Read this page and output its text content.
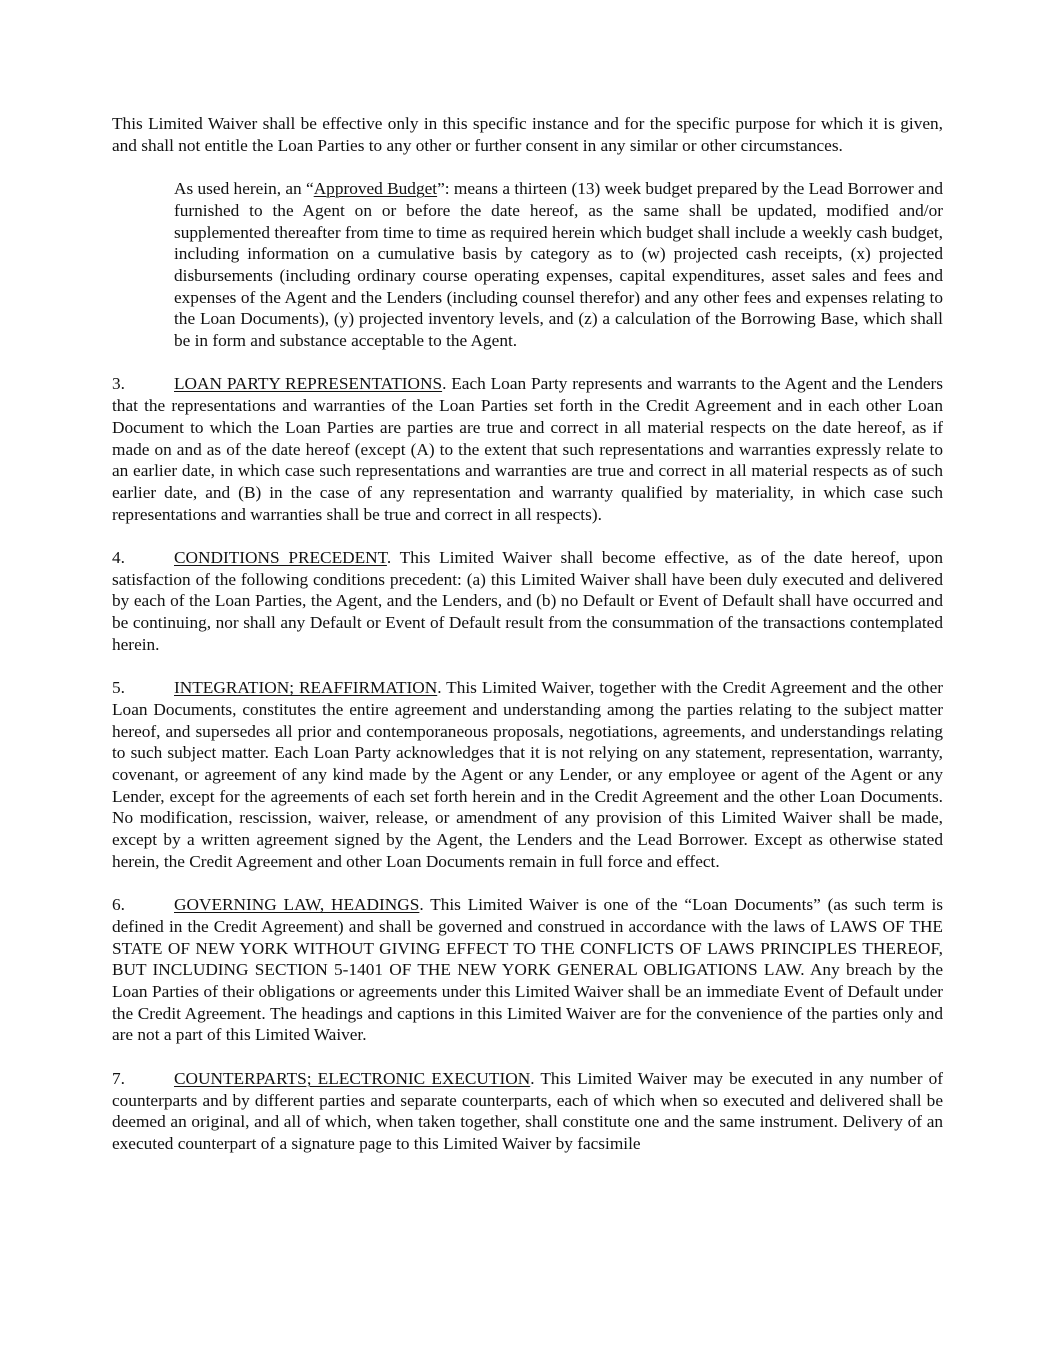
This Limited Waiver shall be effective only in this specific instance and for the specific purpose for which it is given, and shall not entitle the Loan Parties to any other or further consent in any similar or other circumstances.

As used herein, an “Approved Budget”: means a thirteen (13) week budget prepared by the Lead Borrower and furnished to the Agent on or before the date hereof, as the same shall be updated, modified and/or supplemented thereafter from time to time as required herein which budget shall include a weekly cash budget, including information on a cumulative basis by category as to (w) projected cash receipts, (x) projected disbursements (including ordinary course operating expenses, capital expenditures, asset sales and fees and expenses of the Agent and the Lenders (including counsel therefor) and any other fees and expenses relating to the Loan Documents), (y) projected inventory levels, and (z) a calculation of the Borrowing Base, which shall be in form and substance acceptable to the Agent.

3.	LOAN PARTY REPRESENTATIONS. Each Loan Party represents and warrants to the Agent and the Lenders that the representations and warranties of the Loan Parties set forth in the Credit Agreement and in each other Loan Document to which the Loan Parties are parties are true and correct in all material respects on the date hereof, as if made on and as of the date hereof (except (A) to the extent that such representations and warranties expressly relate to an earlier date, in which case such representations and warranties are true and correct in all material respects as of such earlier date, and (B) in the case of any representation and warranty qualified by materiality, in which case such representations and warranties shall be true and correct in all respects).

4.	CONDITIONS PRECEDENT. This Limited Waiver shall become effective, as of the date hereof, upon satisfaction of the following conditions precedent: (a) this Limited Waiver shall have been duly executed and delivered by each of the Loan Parties, the Agent, and the Lenders, and (b) no Default or Event of Default shall have occurred and be continuing, nor shall any Default or Event of Default result from the consummation of the transactions contemplated herein.

5.	INTEGRATION; REAFFIRMATION. This Limited Waiver, together with the Credit Agreement and the other Loan Documents, constitutes the entire agreement and understanding among the parties relating to the subject matter hereof, and supersedes all prior and contemporaneous proposals, negotiations, agreements, and understandings relating to such subject matter. Each Loan Party acknowledges that it is not relying on any statement, representation, warranty, covenant, or agreement of any kind made by the Agent or any Lender, or any employee or agent of the Agent or any Lender, except for the agreements of each set forth herein and in the Credit Agreement and the other Loan Documents. No modification, rescission, waiver, release, or amendment of any provision of this Limited Waiver shall be made, except by a written agreement signed by the Agent, the Lenders and the Lead Borrower. Except as otherwise stated herein, the Credit Agreement and other Loan Documents remain in full force and effect.

6.	GOVERNING LAW, HEADINGS. This Limited Waiver is one of the “Loan Documents” (as such term is defined in the Credit Agreement) and shall be governed and construed in accordance with the laws of LAWS OF THE STATE OF NEW YORK WITHOUT GIVING EFFECT TO THE CONFLICTS OF LAWS PRINCIPLES THEREOF, BUT INCLUDING SECTION 5-1401 OF THE NEW YORK GENERAL OBLIGATIONS LAW. Any breach by the Loan Parties of their obligations or agreements under this Limited Waiver shall be an immediate Event of Default under the Credit Agreement. The headings and captions in this Limited Waiver are for the convenience of the parties only and are not a part of this Limited Waiver.

7.	COUNTERPARTS; ELECTRONIC EXECUTION. This Limited Waiver may be executed in any number of counterparts and by different parties and separate counterparts, each of which when so executed and delivered shall be deemed an original, and all of which, when taken together, shall constitute one and the same instrument. Delivery of an executed counterpart of a signature page to this Limited Waiver by facsimile
